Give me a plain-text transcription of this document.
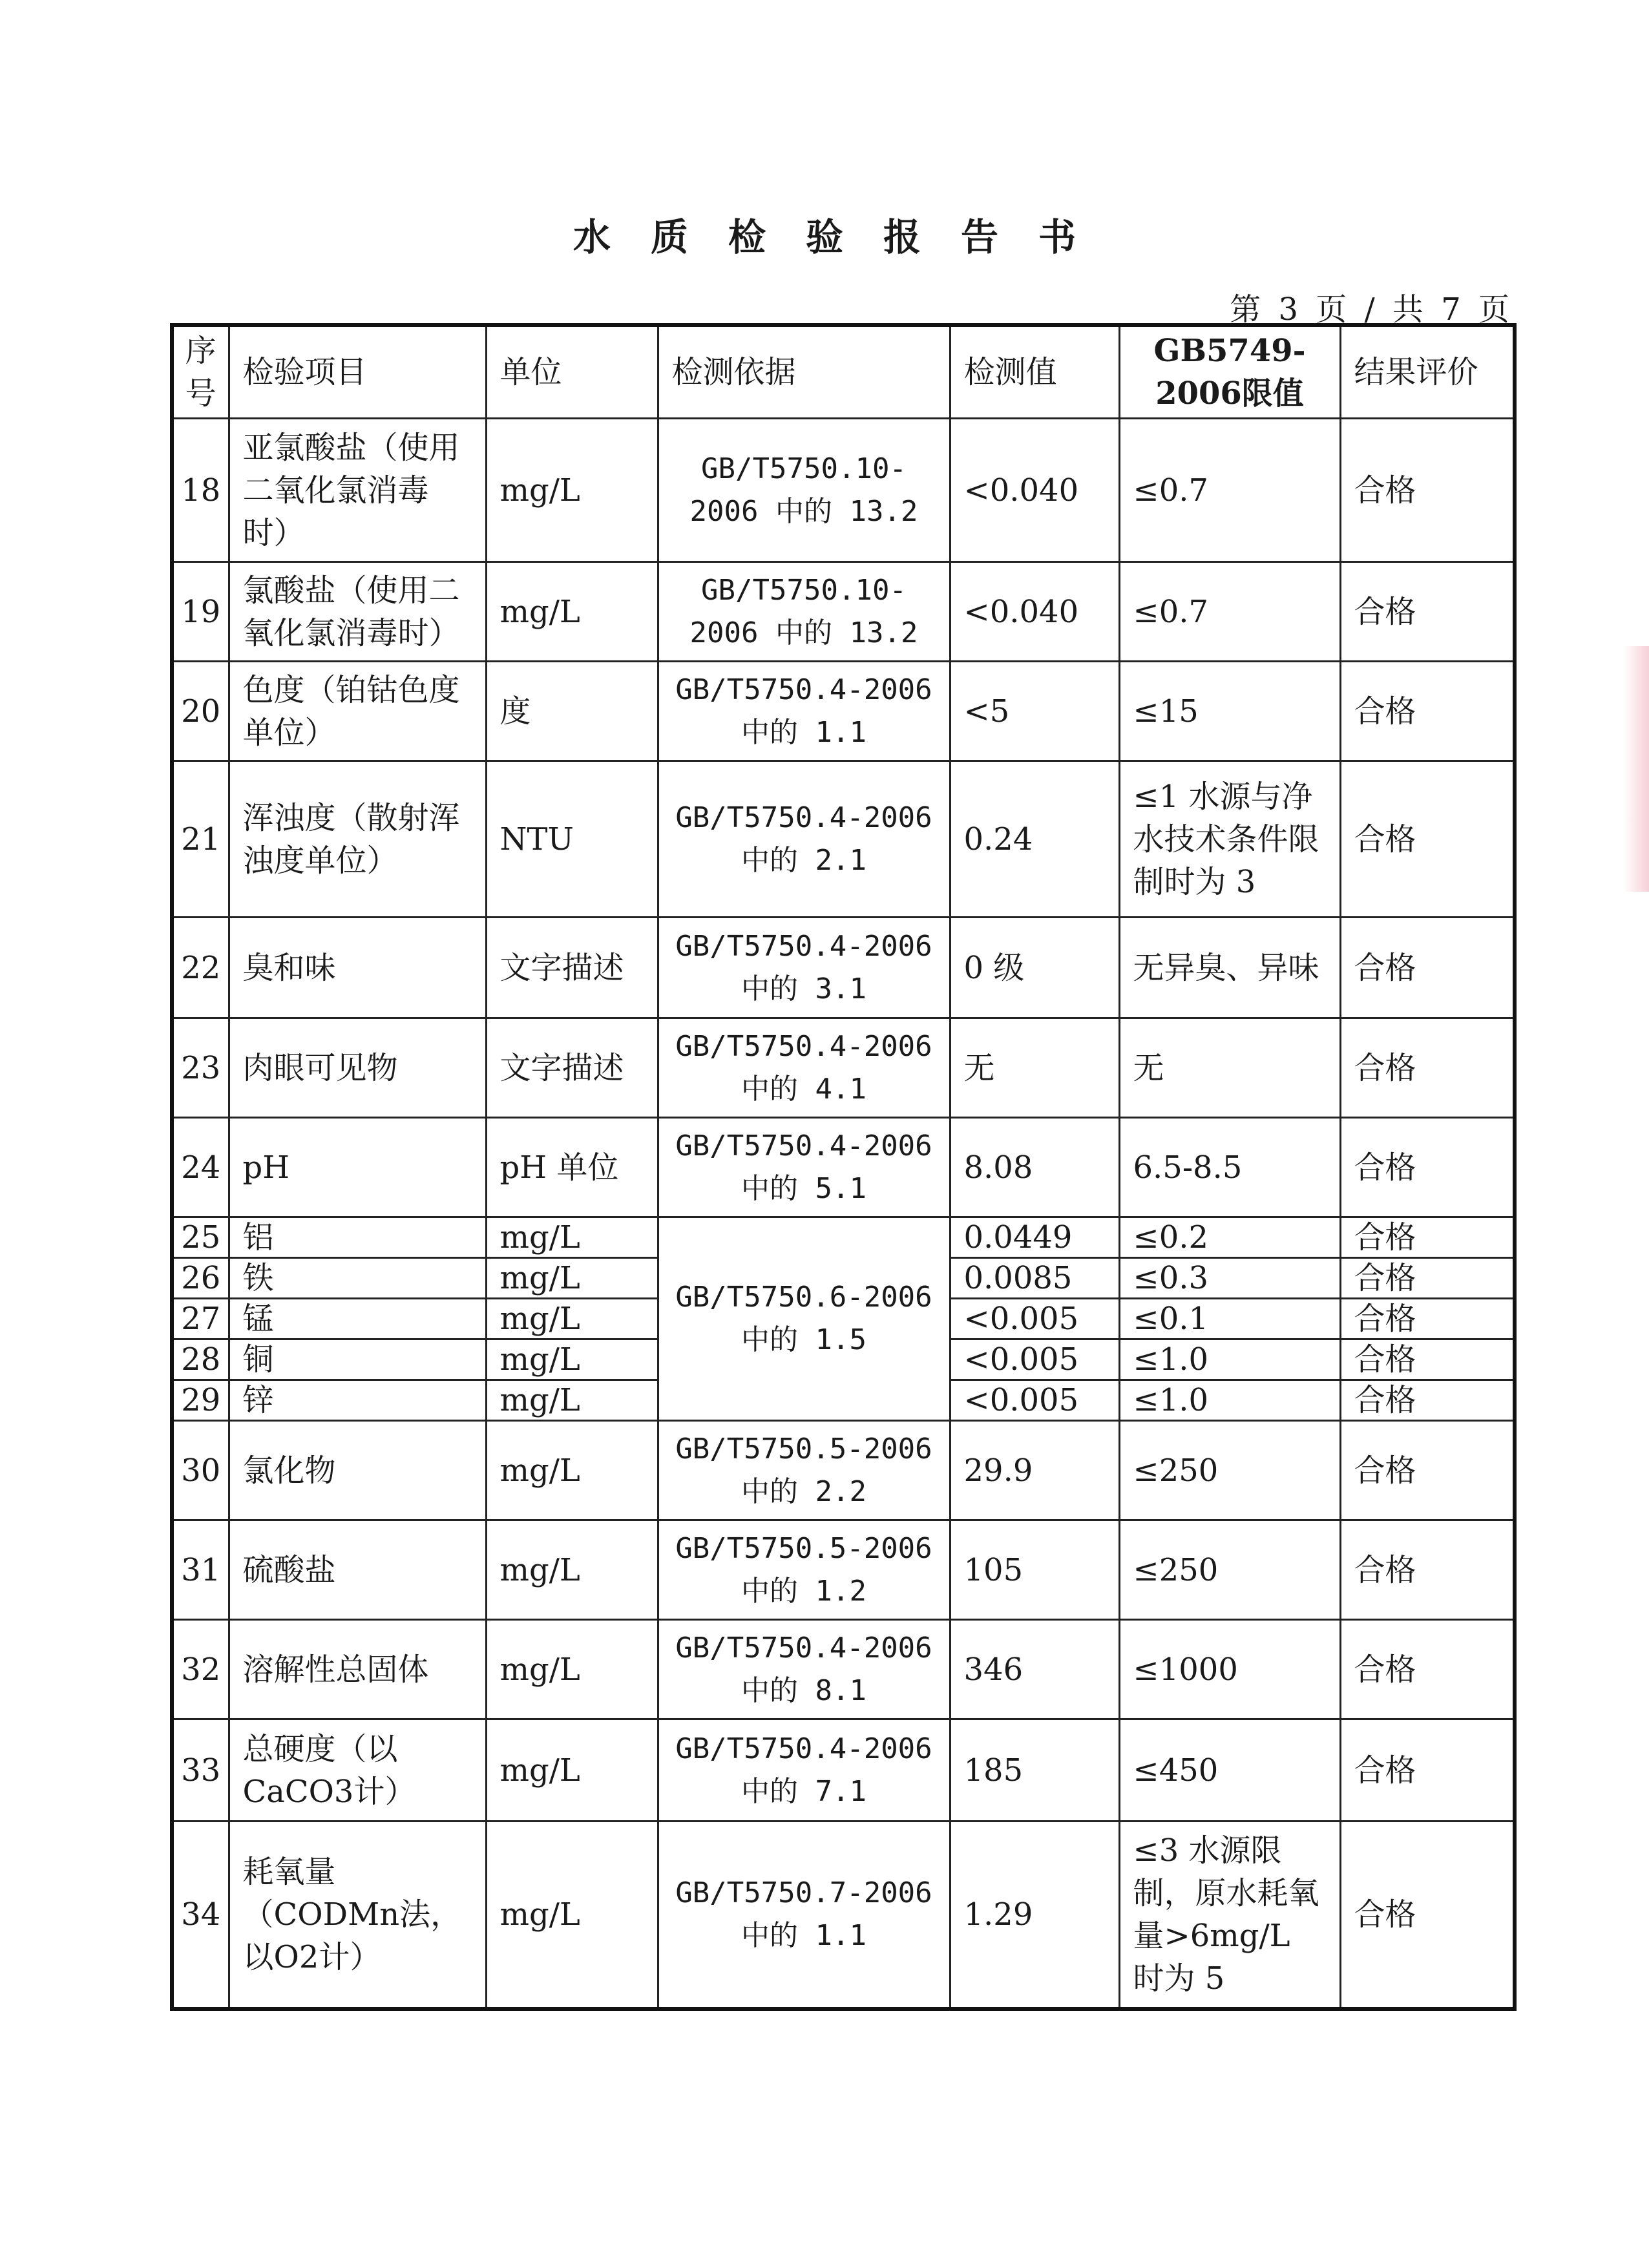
水质检验报告书
第 3 页 / 共 7 页
序号	检验项目	单位	检测依据	检测值	GB5749-2006限值	结果评价
18	亚氯酸盐（使用二氧化氯消毒时）	mg/L	GB/T5750.10-2006 中的 13.2	<0.040	≤0.7	合格
19	氯酸盐（使用二氧化氯消毒时）	mg/L	GB/T5750.10-2006 中的 13.2	<0.040	≤0.7	合格
20	色度（铂钴色度单位）	度	GB/T5750.4-2006 中的 1.1	<5	≤15	合格
21	浑浊度（散射浑浊度单位）	NTU	GB/T5750.4-2006 中的 2.1	0.24	≤1 水源与净水技术条件限制时为 3	合格
22	臭和味	文字描述	GB/T5750.4-2006 中的 3.1	0 级	无异臭、异味	合格
23	肉眼可见物	文字描述	GB/T5750.4-2006 中的 4.1	无	无	合格
24	pH	pH 单位	GB/T5750.4-2006 中的 5.1	8.08	6.5-8.5	合格
25	铝	mg/L	GB/T5750.6-2006 中的 1.5	0.0449	≤0.2	合格
26	铁	mg/L		0.0085	≤0.3	合格
27	锰	mg/L		<0.005	≤0.1	合格
28	铜	mg/L		<0.005	≤1.0	合格
29	锌	mg/L		<0.005	≤1.0	合格
30	氯化物	mg/L	GB/T5750.5-2006 中的 2.2	29.9	≤250	合格
31	硫酸盐	mg/L	GB/T5750.5-2006 中的 1.2	105	≤250	合格
32	溶解性总固体	mg/L	GB/T5750.4-2006 中的 8.1	346	≤1000	合格
33	总硬度（以CaCO3计）	mg/L	GB/T5750.4-2006 中的 7.1	185	≤450	合格
34	耗氧量（CODMn法，以O2计）	mg/L	GB/T5750.7-2006 中的 1.1	1.29	≤3 水源限制，原水耗氧量>6mg/L 时为 5	合格
